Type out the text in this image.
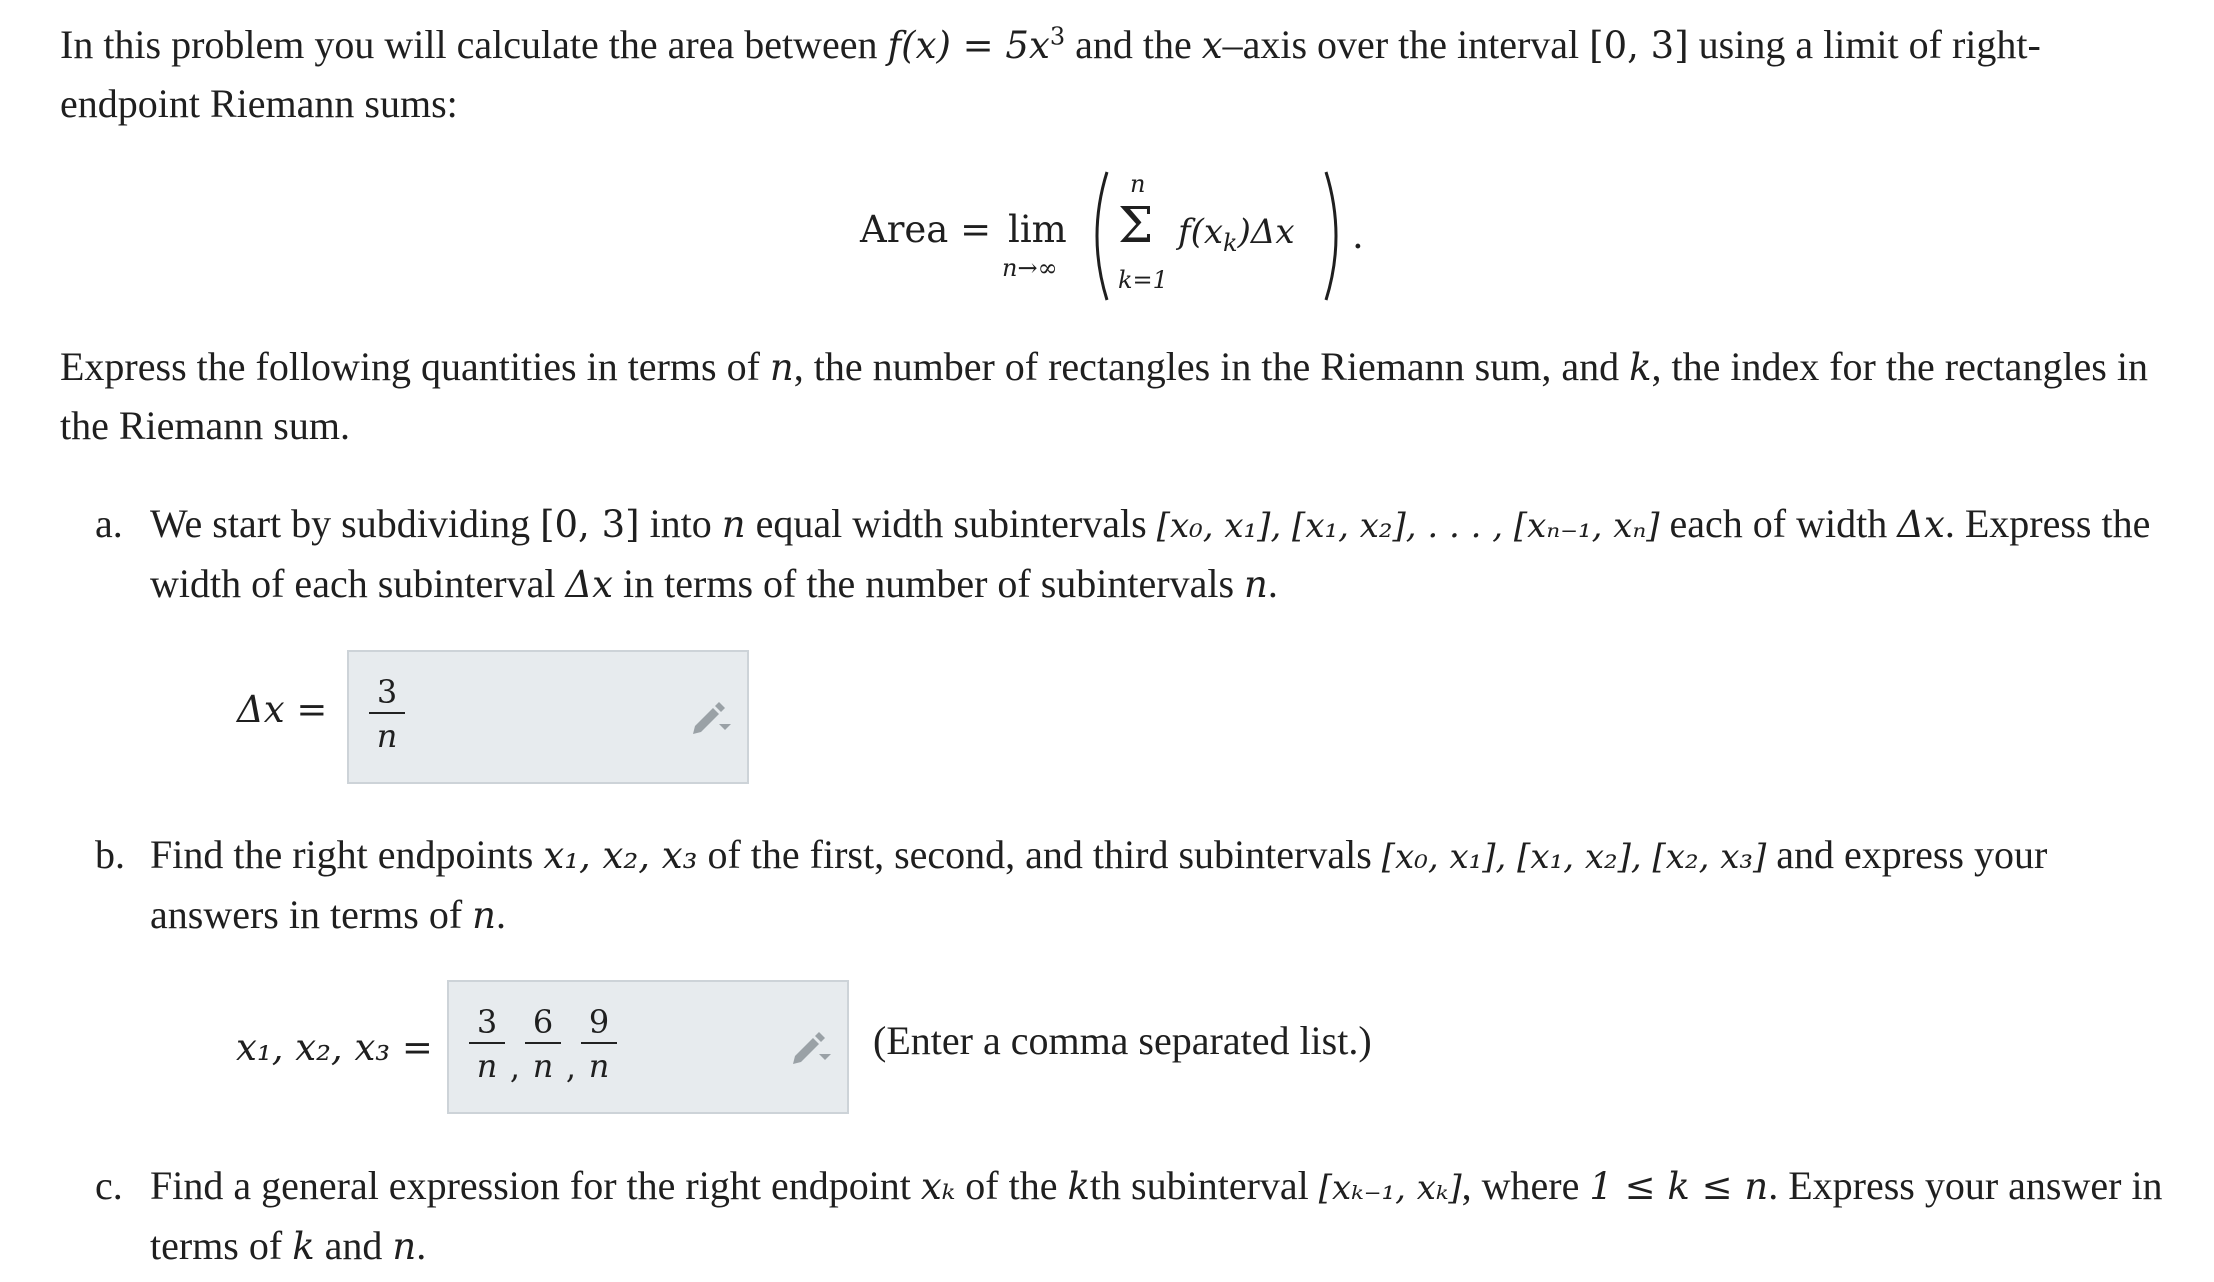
In this problem you will calculate the area between $f(x) = 5x^3$ and the x–axis over the interval [0, 3] using a limit of right-endpoint Riemann sums:
Area = lim
n→∞
n
Σ
k=1
$f(x_k)\Delta x$ .
Express the following quantities in terms of n, the number of rectangles in the Riemann sum, and k, the index for the rectangles in the Riemann sum.
a. We start by subdividing [0, 3] into n equal width subintervals [x₀, x₁], [x₁, x₂], . . . , [xₙ₋₁, xₙ] each of width Δx. Express the width of each subinterval Δx in terms of the number of subintervals n.
Δx = 3
n
b. Find the right endpoints x₁, x₂, x₃ of the first, second, and third subintervals [x₀, x₁], [x₁, x₂], [x₂, x₃] and express your answers in terms of n.
x₁, x₂, x₃ =
3
n ,
6
n ,
9
n
(Enter a comma separated list.)
c. Find a general expression for the right endpoint xₖ of the kth subinterval [xₖ₋₁, xₖ], where 1 ≤ k ≤ n. Express your answer in terms of k and n.
